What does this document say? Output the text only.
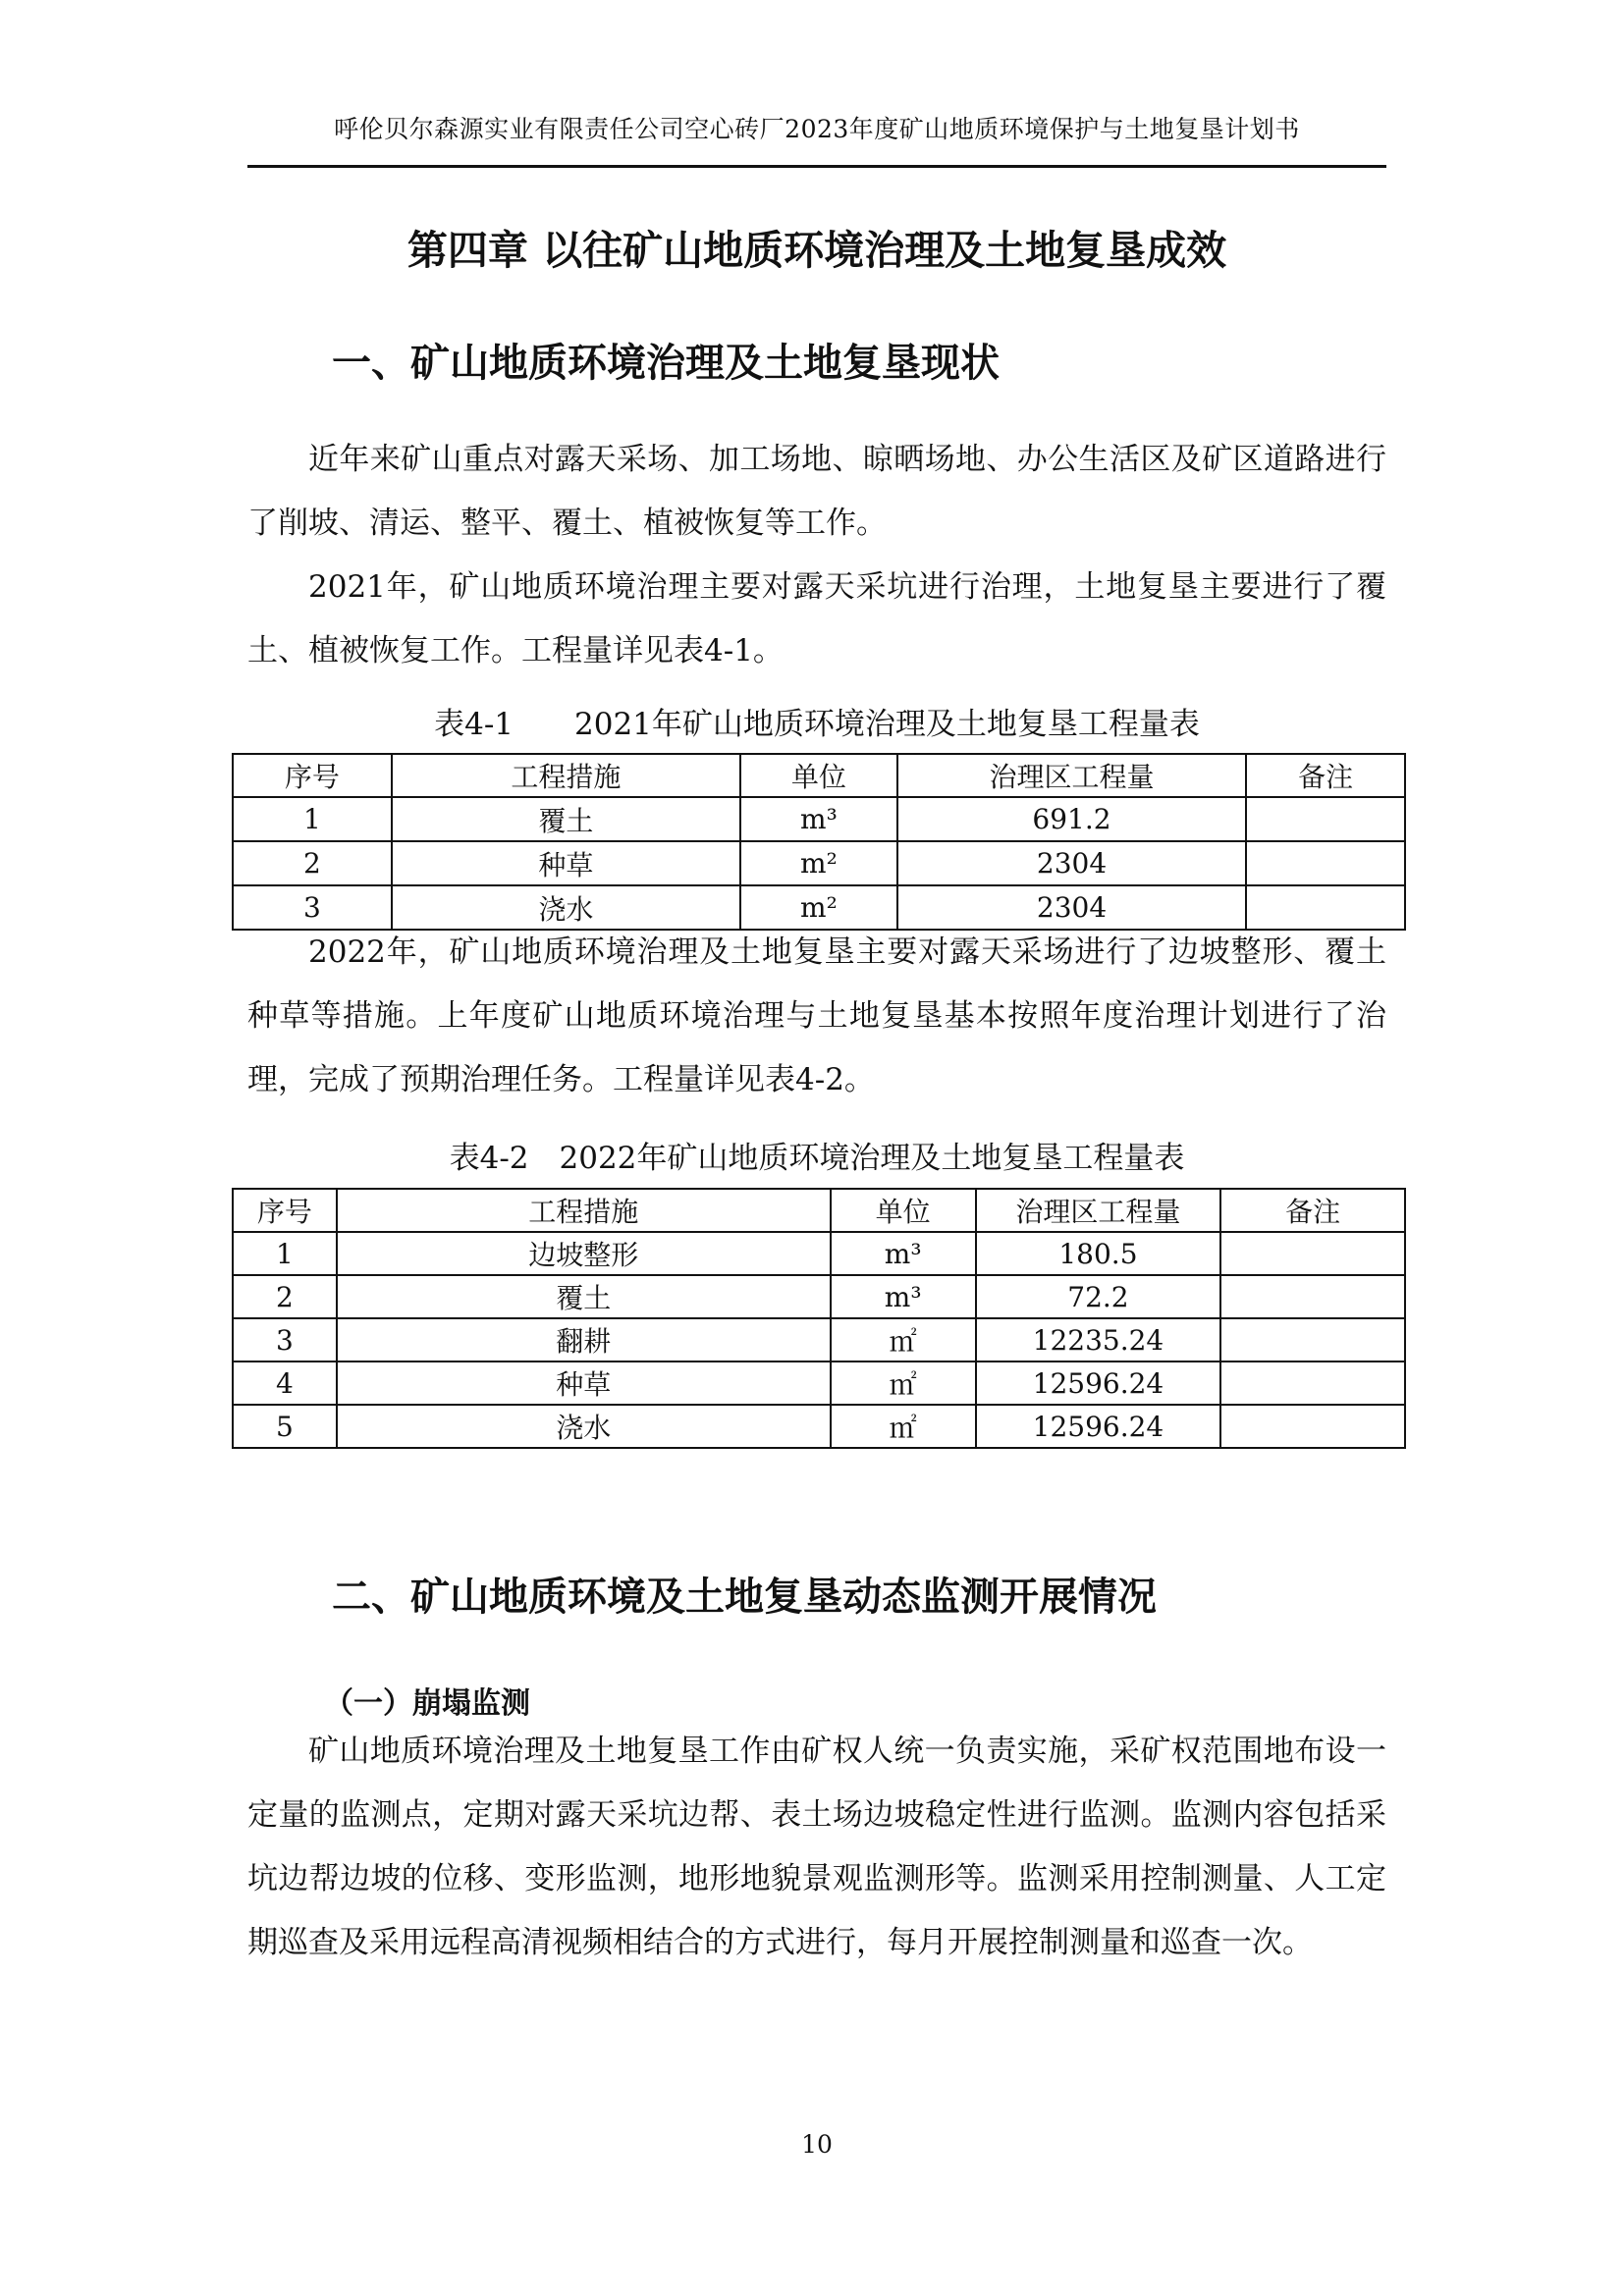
呼伦贝尔森源实业有限责任公司空心砖厂2023年度矿山地质环境保护与土地复垦计划书
第四章 以往矿山地质环境治理及土地复垦成效
一、矿山地质环境治理及土地复垦现状

近年来矿山重点对露天采场、加工场地、晾晒场地、办公生活区及矿区道路进行了削坡、清运、整平、覆土、植被恢复等工作。

2021年，矿山地质环境治理主要对露天采坑进行治理，土地复垦主要进行了覆土、植被恢复工作。工程量详见表4-1。

表4-1　　2021年矿山地质环境治理及土地复垦工程量表
序号	工程措施	单位	治理区工程量	备注
1	覆土	m³	691.2	
2	种草	m²	2304	
3	浇水	m²	2304	

2022年，矿山地质环境治理及土地复垦主要对露天采场进行了边坡整形、覆土种草等措施。上年度矿山地质环境治理与土地复垦基本按照年度治理计划进行了治理，完成了预期治理任务。工程量详见表4-2。

表4-2　2022年矿山地质环境治理及土地复垦工程量表
序号	工程措施	单位	治理区工程量	备注
1	边坡整形	m³	180.5	
2	覆土	m³	72.2	
3	翻耕	㎡	12235.24	
4	种草	㎡	12596.24	
5	浇水	㎡	12596.24	
二、矿山地质环境及土地复垦动态监测开展情况
（一）崩塌监测

矿山地质环境治理及土地复垦工作由矿权人统一负责实施，采矿权范围地布设一定量的监测点，定期对露天采坑边帮、表土场边坡稳定性进行监测。监测内容包括采坑边帮边坡的位移、变形监测，地形地貌景观监测形等。监测采用控制测量、人工定期巡查及采用远程高清视频相结合的方式进行，每月开展控制测量和巡查一次。

10
